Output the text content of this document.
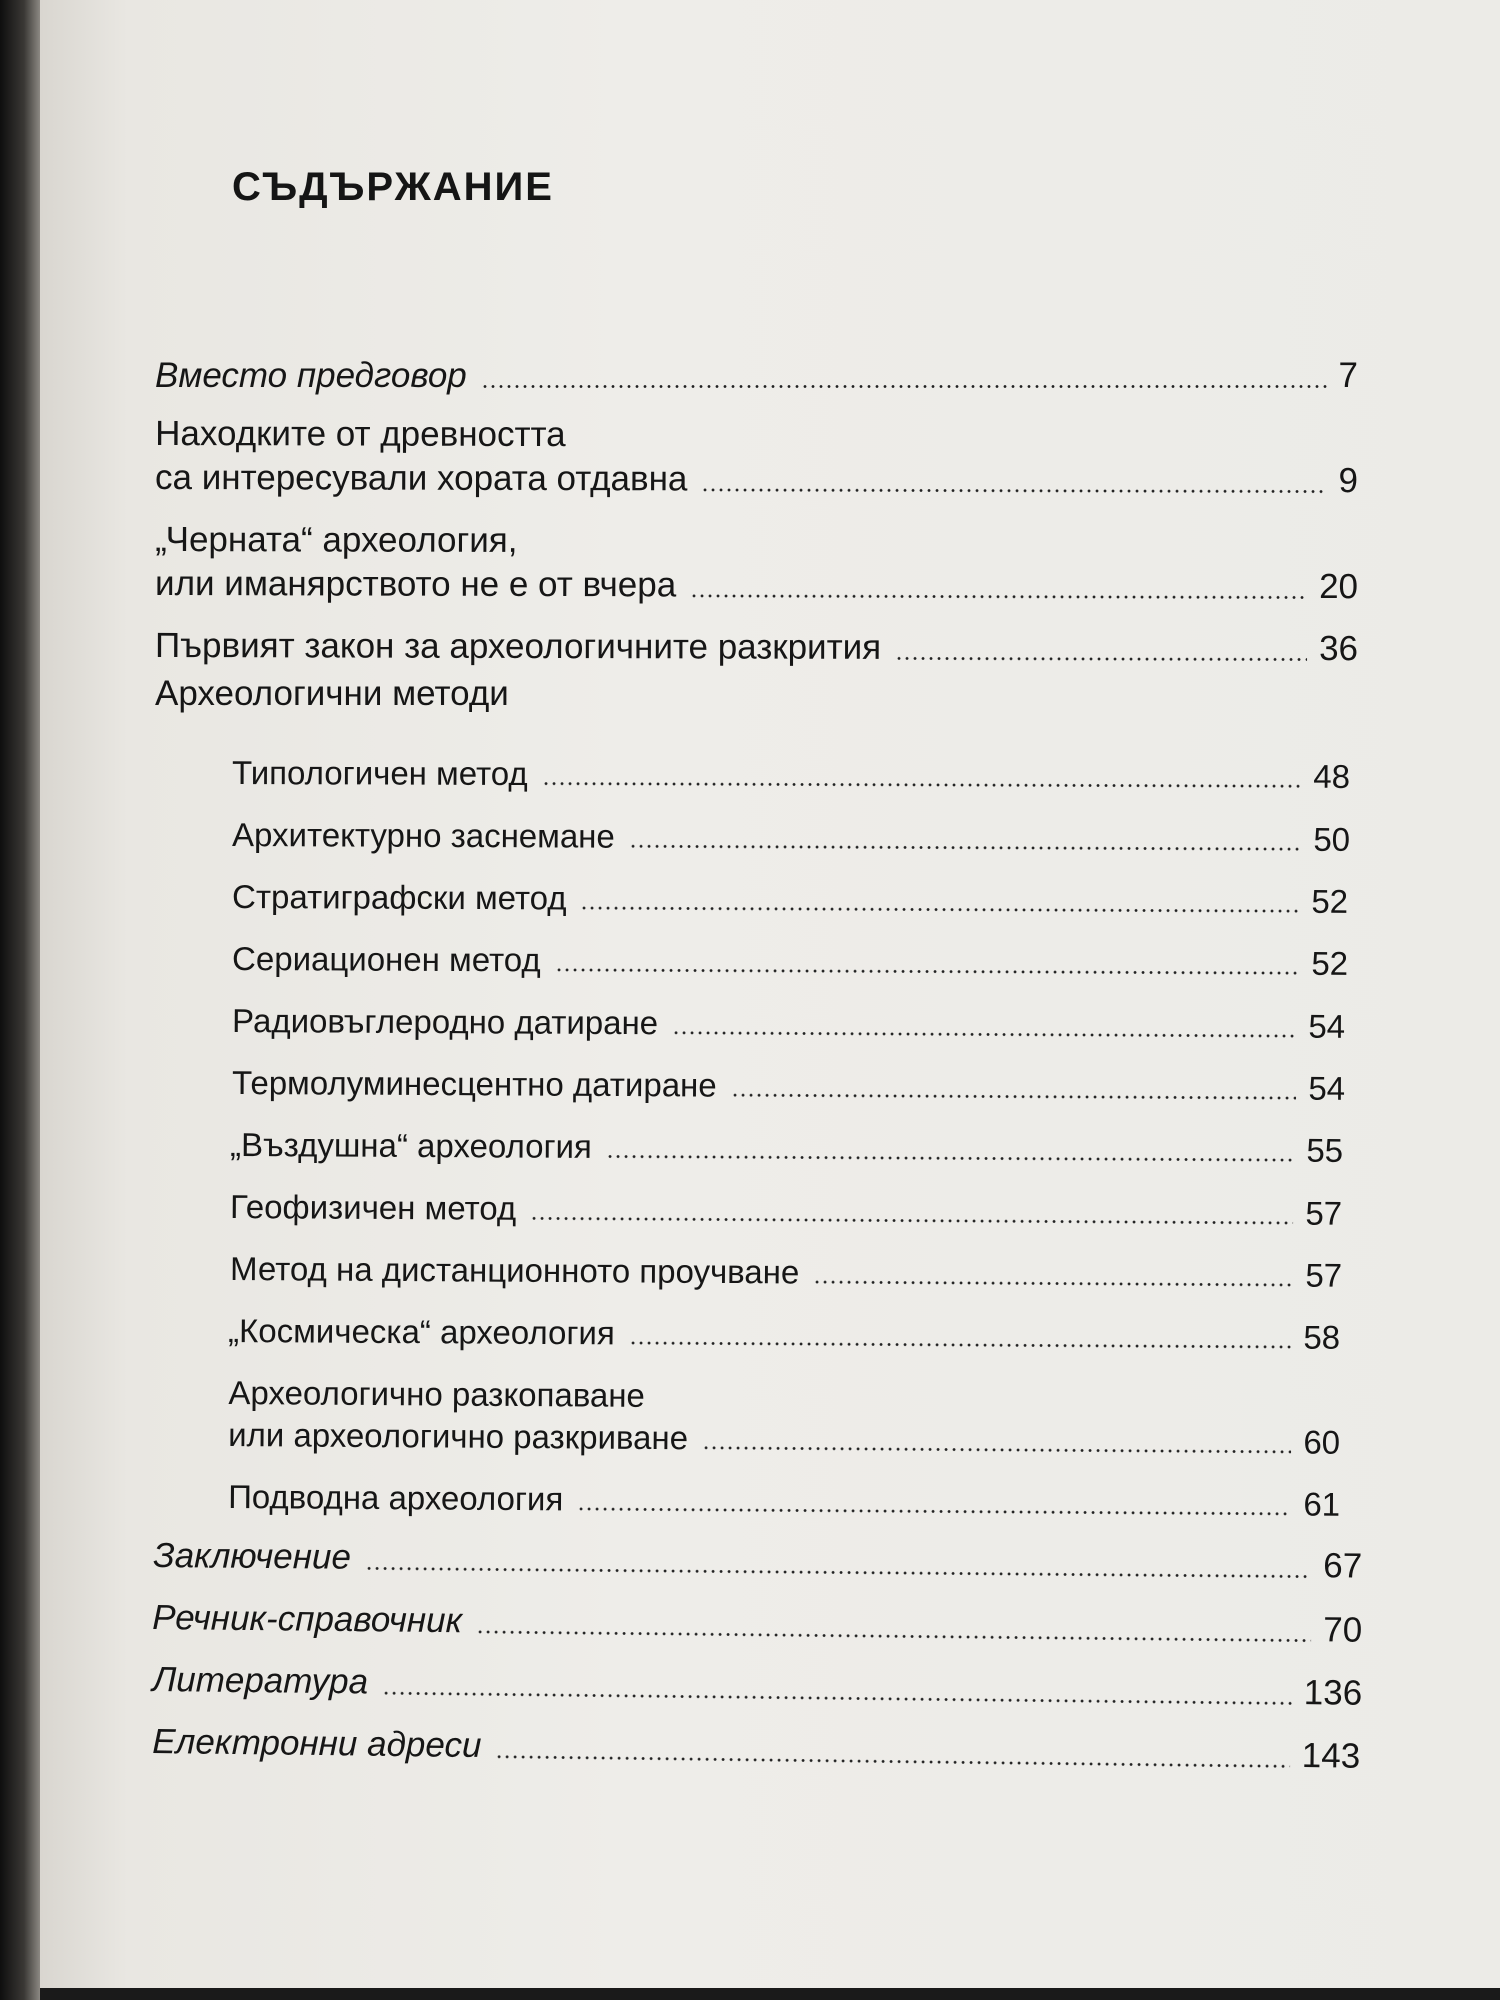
СЪДЪРЖАНИЕ
Вместо предговор	7
Находките от древността
са интересували хората отдавна	9
„Черната“ археология,
или иманярството не е от вчера	20
Първият закон за археологичните разкрития	36
Археологични методи
Типологичен метод	48
Архитектурно заснемане	50
Стратиграфски метод	52
Сериационен метод	52
Радиовъглеродно датиране	54
Термолуминесцентно датиране	54
„Въздушна“ археология	55
Геофизичен метод	57
Метод на дистанционното проучване	57
„Космическа“ археология	58
Археологично разкопаване
или археологично разкриване	60
Подводна археология	61
Заключение	67
Речник-справочник	70
Литература	136
Електронни адреси	143
